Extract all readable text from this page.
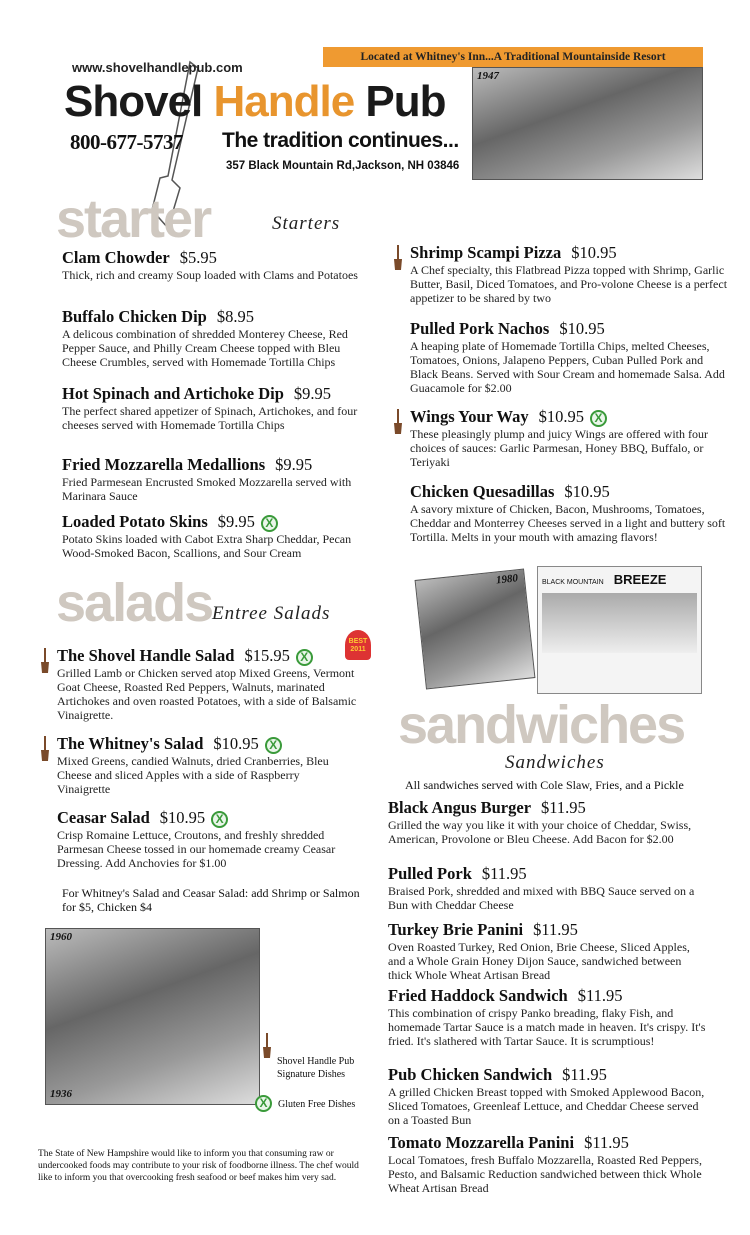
Located at Whitney's Inn...A Traditional Mountainside Resort
1947
www.shovelhandlepub.com
Shovel Handle Pub
800-677-5737 The tradition continues...
357 Black Mountain Rd,Jackson, NH 03846
starter	Starters
salads Entree Salads
BEST 2011
For Whitney's Salad and Ceasar Salad: add Shrimp or Salmon for $5, Chicken $4
sandwiches
Sandwiches
All sandwiches served with Cole Slaw, Fries, and a Pickle
1980	BLACK MOUNTAIN BREEZE
1960
1936
Shovel Handle Pub Signature Dishes
X	Gluten Free Dishes
The State of New Hampshire would like to inform you that consuming raw or undercooked foods may contribute to your risk of foodborne illness. The chef would like to inform you that overcooking fresh seafood or beef makes him very sad.
Clam Chowder $5.95
Thick, rich and creamy Soup loaded with Clams and Potatoes
Buffalo Chicken Dip $8.95
A delicous combination of shredded Monterey Cheese, Red Pepper Sauce, and Philly Cream Cheese topped with Bleu Cheese Crumbles, served with Homemade Tortilla Chips
Hot Spinach and Artichoke Dip $9.95
The perfect shared appetizer of Spinach, Artichokes, and four cheeses served with Homemade Tortilla Chips
Fried Mozzarella Medallions $9.95
Fried Parmesean Encrusted Smoked Mozzarella served with Marinara Sauce
Loaded Potato Skins $9.95 X
Potato Skins loaded with Cabot Extra Sharp Cheddar, Pecan Wood-Smoked Bacon, Scallions, and Sour Cream
Shrimp Scampi Pizza $10.95
A Chef specialty, this Flatbread Pizza topped with Shrimp, Garlic Butter, Basil, Diced Tomatoes, and Pro-volone Cheese is a perfect appetizer to be shared by two
Pulled Pork Nachos $10.95
A heaping plate of Homemade Tortilla Chips, melted Cheeses, Tomatoes, Onions, Jalapeno Peppers, Cuban Pulled Pork and Black Beans. Served with Sour Cream and homemade Salsa. Add Guacamole for $2.00
Wings Your Way $10.95 X
These pleasingly plump and juicy Wings are offered with four choices of sauces: Garlic Parmesan, Honey BBQ, Buffalo, or Teriyaki
Chicken Quesadillas $10.95
A savory mixture of Chicken, Bacon, Mushrooms, Tomatoes, Cheddar and Monterrey Cheeses served in a light and buttery soft Tortilla. Melts in your mouth with amazing flavors!
The Shovel Handle Salad $15.95 X
Grilled Lamb or Chicken served atop Mixed Greens, Vermont Goat Cheese, Roasted Red Peppers, Walnuts, marinated Artichokes and oven roasted Potatoes, with a side of Balsamic Vinaigrette.
The Whitney's Salad $10.95 X
Mixed Greens, candied Walnuts, dried Cranberries, Bleu Cheese and sliced Apples with a side of Raspberry Vinaigrette
Ceasar Salad $10.95 X
Crisp Romaine Lettuce, Croutons, and freshly shredded Parmesan Cheese tossed in our homemade creamy Ceasar Dressing. Add Anchovies for $1.00
Black Angus Burger $11.95
Grilled the way you like it with your choice of Cheddar, Swiss, American, Provolone or Bleu Cheese. Add Bacon for $2.00
Pulled Pork $11.95
Braised Pork, shredded and mixed with BBQ Sauce served on a Bun with Cheddar Cheese
Turkey Brie Panini $11.95
Oven Roasted Turkey, Red Onion, Brie Cheese, Sliced Apples, and a Whole Grain Honey Dijon Sauce, sandwiched between thick Whole Wheat Artisan Bread
Fried Haddock Sandwich $11.95
This combination of crispy Panko breading, flaky Fish, and homemade Tartar Sauce is a match made in heaven. It's crispy. It's fried. It's slathered with Tartar Sauce. It is scrumptious!
Pub Chicken Sandwich $11.95
A grilled Chicken Breast topped with Smoked Applewood Bacon, Sliced Tomatoes, Greenleaf Lettuce, and Cheddar Cheese served on a Toasted Bun
Tomato Mozzarella Panini $11.95
Local Tomatoes, fresh Buffalo Mozzarella, Roasted Red Peppers, Pesto, and Balsamic Reduction sandwiched between thick Whole Wheat Artisan Bread
